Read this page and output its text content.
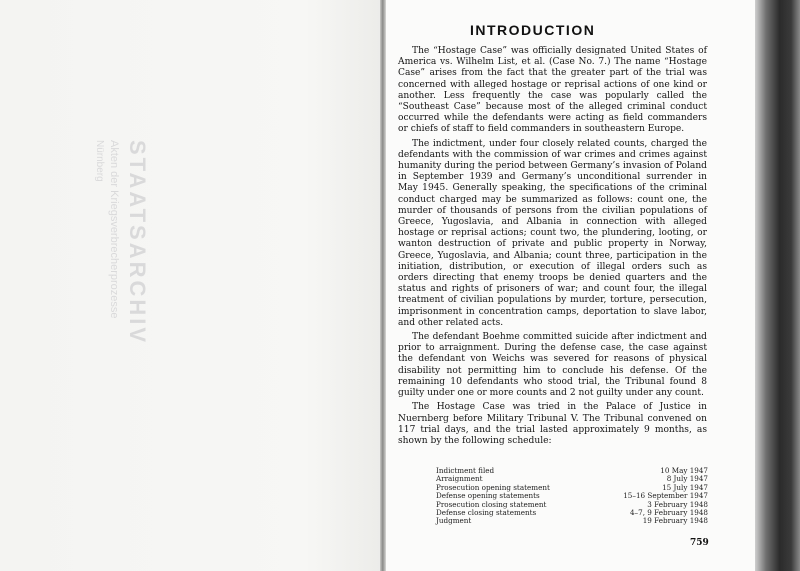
STAATSARCHIV
Akten der Kriegsverbrecherprozesse
Nürnberg
INTRODUCTION

The “Hostage Case” was officially designated United States of America vs. Wilhelm List, et al. (Case No. 7.) The name “Hostage Case” arises from the fact that the greater part of the trial was concerned with alleged hostage or reprisal actions of one kind or another. Less frequently the case was popularly called the “Southeast Case” because most of the alleged criminal conduct occurred while the defendants were acting as field commanders or chiefs of staff to field commanders in southeastern Europe.

The indictment, under four closely related counts, charged the defendants with the commission of war crimes and crimes against humanity during the period between Germany’s invasion of Poland in September 1939 and Germany’s unconditional surrender in May 1945. Generally speaking, the specifications of the criminal conduct charged may be summarized as follows: count one, the murder of thousands of persons from the civilian populations of Greece, Yugoslavia, and Albania in connection with alleged hostage or reprisal actions; count two, the plundering, looting, or wanton destruction of private and public property in Norway, Greece, Yugoslavia, and Albania; count three, participation in the initiation, distribution, or execution of illegal orders such as orders directing that enemy troops be denied quarters and the status and rights of prisoners of war; and count four, the illegal treatment of civilian populations by murder, torture, persecution, imprisonment in concentration camps, deportation to slave labor, and other related acts.

The defendant Boehme committed suicide after indictment and prior to arraignment. During the defense case, the case against the defendant von Weichs was severed for reasons of physical disability not permitting him to conclude his defense. Of the remaining 10 defendants who stood trial, the Tribunal found 8 guilty under one or more counts and 2 not guilty under any count.

The Hostage Case was tried in the Palace of Justice in Nuernberg before Military Tribunal V. The Tribunal convened on 117 trial days, and the trial lasted approximately 9 months, as shown by the following schedule:

Indictment filed	10 May 1947
Arraignment	8 July 1947
Prosecution opening statement	15 July 1947
Defense opening statements	15–16 September 1947
Prosecution closing statement	3 February 1948
Defense closing statements	4–7, 9 February 1948
Judgment	19 February 1948
759
